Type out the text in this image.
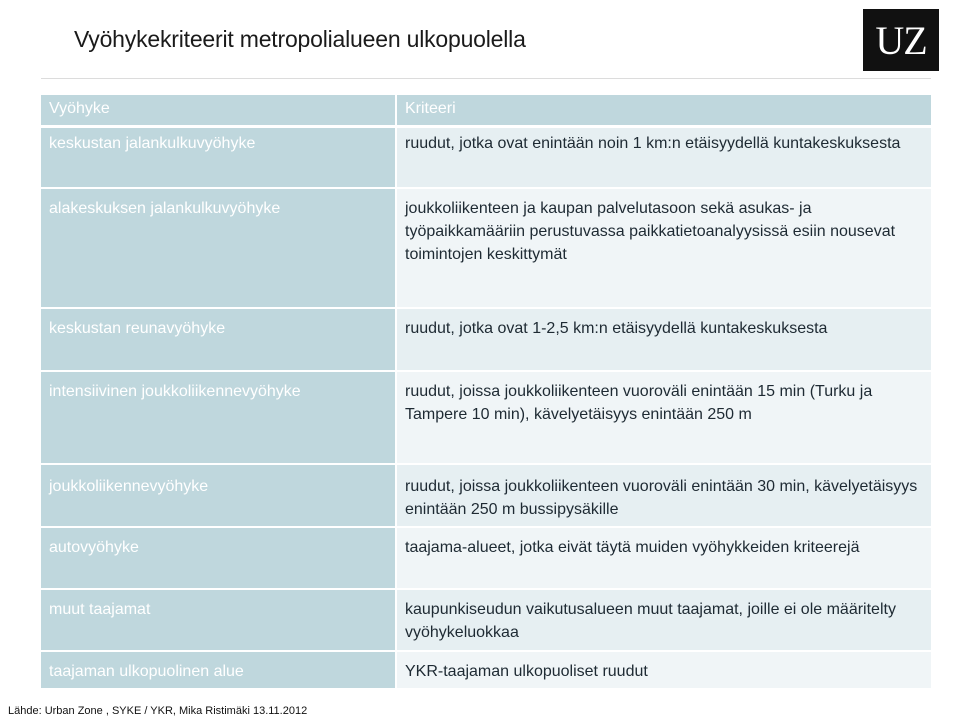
Vyöhykekriteerit metropolialueen ulkopuolella	UZ
Vyöhyke	Kriteeri
keskustan jalankulkuvyöhyke	ruudut, jotka ovat enintään noin 1 km:n etäisyydellä kuntakeskuksesta
alakeskuksen jalankulkuvyöhyke	joukkoliikenteen ja kaupan palvelutasoon sekä asukas- ja työpaikkamääriin perustuvassa paikkatietoanalyysissä esiin nousevat toimintojen keskittymät
keskustan reunavyöhyke	ruudut, jotka ovat 1-2,5 km:n etäisyydellä kuntakeskuksesta
intensiivinen joukkoliikennevyöhyke	ruudut, joissa joukkoliikenteen vuoroväli enintään 15 min (Turku ja Tampere 10 min), kävelyetäisyys enintään 250 m
joukkoliikennevyöhyke	ruudut, joissa joukkoliikenteen vuoroväli enintään 30 min, kävelyetäisyys enintään 250 m bussipysäkille
autovyöhyke	taajama-alueet, jotka eivät täytä muiden vyöhykkeiden kriteerejä
muut taajamat	kaupunkiseudun vaikutusalueen muut taajamat, joille ei ole määritelty vyöhykeluokkaa
taajaman ulkopuolinen alue	YKR-taajaman ulkopuoliset ruudut
Lähde: Urban Zone , SYKE / YKR, Mika Ristimäki 13.11.2012
